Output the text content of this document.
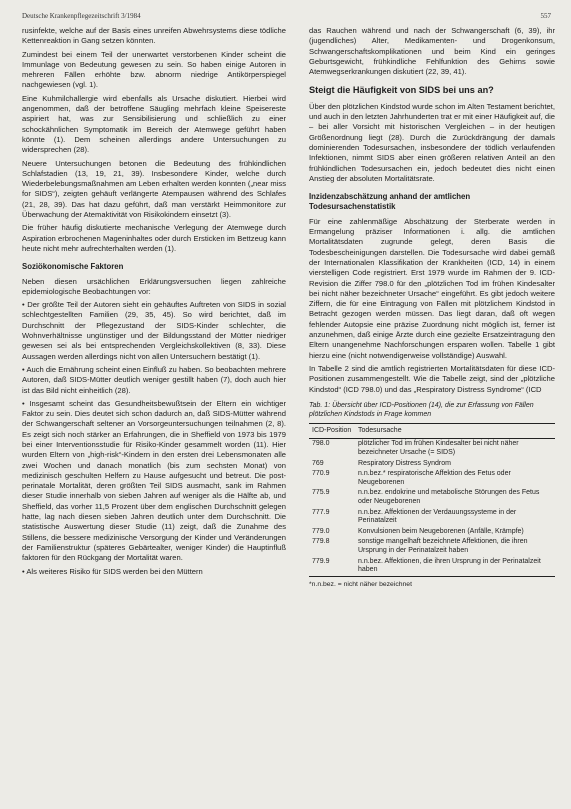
Deutsche Krankenpflegezeitschrift 3/1984	557

rusinfekte, welche auf der Basis eines unreifen Abwehrsystems diese tödliche Kettenreaktion in Gang setzen könnten.

Zumindest bei einem Teil der unerwartet verstorbenen Kinder scheint die Immunlage von Bedeutung gewesen zu sein. So haben einige Autoren in mehreren Fällen erhöhte bzw. abnorm niedrige Antikörperspiegel nachgewiesen (vgl. 1).

Eine Kuhmilchallergie wird ebenfalls als Ursache diskutiert. Hierbei wird angenommen, daß der betroffene Säugling mehrfach kleine Speisereste aspiriert hat, was zur Sensibilisierung und schließlich zu einer schockähnlichen Symptomatik im Bereich der Atemwege geführt haben könnte (1). Dem scheinen allerdings andere Untersuchungen zu widersprechen (28).

Neuere Untersuchungen betonen die Bedeutung des frühkindlichen Schlafstadien (13, 19, 21, 39). Insbesondere Kinder, welche durch Wiederbelebungsmaßnahmen am Leben erhalten werden konnten („near miss for SIDS“), zeigten gehäuft verlängerte Atempausen während des Schlafes (21, 28, 39). Das hat dazu geführt, daß man verstärkt Heimmonitore zur Überwachung der Atemaktivität von Risikokindern einsetzt (3).

Die früher häufig diskutierte mechanische Verlegung der Atemwege durch Aspiration erbrochenen Mageninhaltes oder durch Ersticken im Bettzeug kann heute nicht mehr aufrechterhalten werden (1).

Soziökonomische Faktoren

Neben diesen ursächlichen Erklärungsversuchen liegen zahlreiche epidemiologische Beobachtungen vor:

• Der größte Teil der Autoren sieht ein gehäuftes Auftreten von SIDS in sozial schlechtgestellten Familien (29, 35, 45). So wird berichtet, daß im Durchschnitt der Pflegezustand der SIDS-Kinder schlechter, die Wohnverhältnisse ungünstiger und der Bildungsstand der Mütter niedriger gewesen sei als bei entsprechenden Vergleichskollektiven (8, 33). Diese Aussagen werden allerdings nicht von allen Untersuchern bestätigt (1).

• Auch die Ernährung scheint einen Einfluß zu haben. So beobachten mehrere Autoren, daß SIDS-Mütter deutlich weniger gestillt haben (7), doch auch hier ist das Bild nicht einheitlich (28).

• Insgesamt scheint das Gesundheitsbewußtsein der Eltern ein wichtiger Faktor zu sein. Dies deutet sich schon dadurch an, daß SIDS-Mütter während der Schwangerschaft seltener an Vorsorgeuntersuchungen teilnahmen (2, 8). Es zeigt sich noch stärker an Erfahrungen, die in Sheffield von 1973 bis 1979 bei einer Interventionsstudie für Risiko-Kinder gesammelt worden (11). Hier wurden Eltern von „high-risk“-Kindern in den ersten drei Lebensmonaten alle zwei Wochen und danach monatlich (bis zum sechsten Monat) von medizinisch geschulten Helfern zu Hause aufgesucht und betreut. Die post-perinatale Mortalität, deren größten Teil SIDS ausmacht, sank im Rahmen dieser Studie innerhalb von sieben Jahren auf weniger als die Hälfte ab, und Sheffield, das vorher 11,5 Prozent über dem englischen Durchschnitt gelegen hatte, lag nach diesen sieben Jahren deutlich unter dem Durchschnitt. Die statistische Auswertung dieser Studie (11) zeigt, daß die Zunahme des Stillens, die bessere medizinische Versorgung der Kinder und Veränderungen der Familienstruktur (späteres Gebärtealter, weniger Kinder) die Hauptinfluß faktoren für den Rückgang der Mortalität waren.

• Als weiteres Risiko für SIDS werden bei den Müttern

das Rauchen während und nach der Schwangerschaft (6, 39), ihr (jugendliches) Alter, Medikamenten- und Drogenkonsum, Schwangerschaftskomplikationen und beim Kind ein geringes Geburtsgewicht, frühkindliche Fehlfunktion des Gehirns sowie Atemwegserkrankungen diskutiert (22, 39, 41).

Steigt die Häufigkeit von SIDS bei uns an?

Über den plötzlichen Kindstod wurde schon im Alten Testament berichtet, und auch in den letzten Jahrhunderten trat er mit einer Häufigkeit auf, die – bei aller Vorsicht mit historischen Vergleichen – in der heutigen Größenordnung liegt (28). Durch die Zurückdrängung der damals dominierenden Todesursachen, insbesondere der tödlich verlaufenden Infektionen, nimmt SIDS aber einen größeren relativen Anteil an den frühkindlichen Todesursachen ein, jedoch bedeutet dies nicht einen Anstieg der absoluten Mortalitätsrate.

Inzidenzabschätzung anhand der amtlichen Todesursachenstatistik

Für eine zahlenmäßige Abschätzung der Sterberate werden in Ermangelung präziser Informationen i. allg. die amtlichen Mortalitätsdaten zugrunde gelegt, deren Basis die Todesbescheinigungen darstellen. Die Todesursache wird dabei gemäß der Internationalen Klassifikation der Krankheiten (ICD, 14) in einem vierstelligen Code registriert. Erst 1979 wurde im Rahmen der 9. ICD-Revision die Ziffer 798.0 für den „plötzlichen Tod im frühen Kindesalter bei nicht näher bezeichneter Ursache“ eingeführt. Es gibt jedoch weitere Ziffern, die für eine Eintragung von Fällen mit plötzlichem Kindstod in Betracht gezogen werden müssen. Das liegt daran, daß oft wegen fehlender Autopsie eine präzise Zuordnung nicht möglich ist, ferner ist anzunehmen, daß einige Ärzte durch eine gezielte Ersatzeintragung den Eltern unangenehme Nachforschungen ersparen wollen. Tabelle 1 gibt hierzu eine (nicht notwendigerweise vollständige) Auswahl.

In Tabelle 2 sind die amtlich registrierten Mortalitätsdaten für diese ICD-Positionen zusammengestellt. Wie die Tabelle zeigt, sind der „plötzliche Kindstod“ (ICD 798.0) und das „Respiratory Distress Syndrome“ (ICD

Tab. 1: Übersicht über ICD-Positionen (14), die zur Erfassung von Fällen plötzlichen Kindstods in Frage kommen
ICD-Position	Todesursache
798.0	plötzlicher Tod im frühen Kindesalter bei nicht näher bezeichneter Ursache (= SIDS)
769	Respiratory Distress Syndrom
770.9	n.n.bez.* respiratorische Affektion des Fetus oder Neugeborenen
775.9	n.n.bez. endokrine und metabolische Störungen des Fetus oder Neugeborenen
777.9	n.n.bez. Affektionen der Verdauungssysteme in der Perinatalzeit
779.0	Konvulsionen beim Neugeborenen (Anfälle, Krämpfe)
779.8	sonstige mangelhaft bezeichnete Affektionen, die ihren Ursprung in der Perinatalzeit haben
779.9	n.n.bez. Affektionen, die ihren Ursprung in der Perinatalzeit haben
*n.n.bez. = nicht näher bezeichnet
